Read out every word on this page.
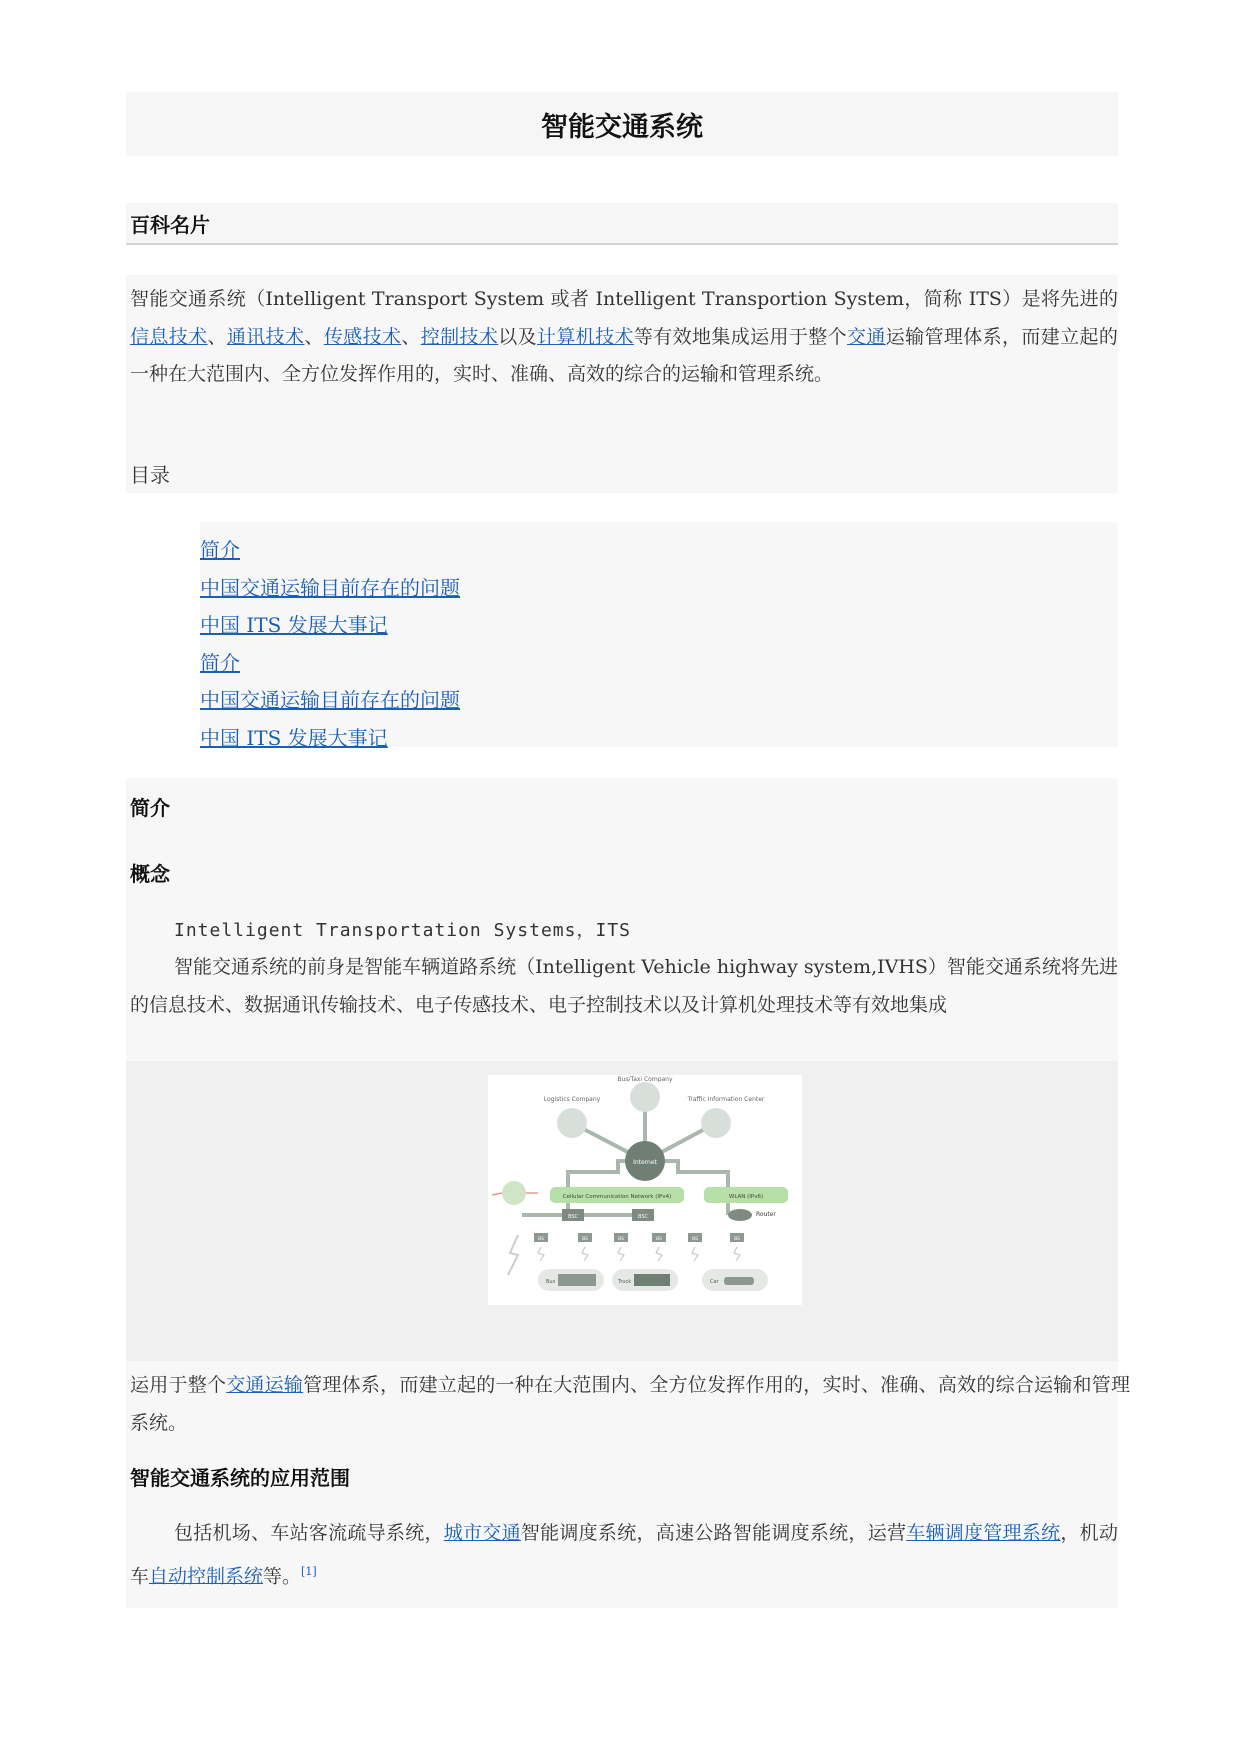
智能交通系统
百科名片
智能交通系统（Intelligent Transport System 或者 Intelligent Transportion System，简称 ITS）是将先进的信息技术、通讯技术、传感技术、控制技术以及计算机技术等有效地集成运用于整个交通运输管理体系，而建立起的一种在大范围内、全方位发挥作用的，实时、准确、高效的综合的运输和管理系统。
目录
简介
中国交通运输目前存在的问题
中国 ITS 发展大事记
简介
中国交通运输目前存在的问题
中国 ITS 发展大事记
简介
概念
Intelligent Transportation Systems，ITS
智能交通系统的前身是智能车辆道路系统（Intelligent Vehicle highway system,IVHS）智能交通系统将先进的信息技术、数据通讯传输技术、电子传感技术、电子控制技术以及计算机处理技术等有效地集成
Bus/Taxi Company
Logistics Company	Traffic Information Center
Internet
Cellular Communication Network (IPv4)	WLAN (IPv6)
BSC	BSC	Router
BS	BS	BS	BS	BS	BS
Bus	Truck	Car
运用于整个交通运输管理体系，而建立起的一种在大范围内、全方位发挥作用的，实时、准确、高效的综合运输和管理系统。
智能交通系统的应用范围
包括机场、车站客流疏导系统，城市交通智能调度系统，高速公路智能调度系统，运营车辆调度管理系统，机动车自动控制系统等。[1]
